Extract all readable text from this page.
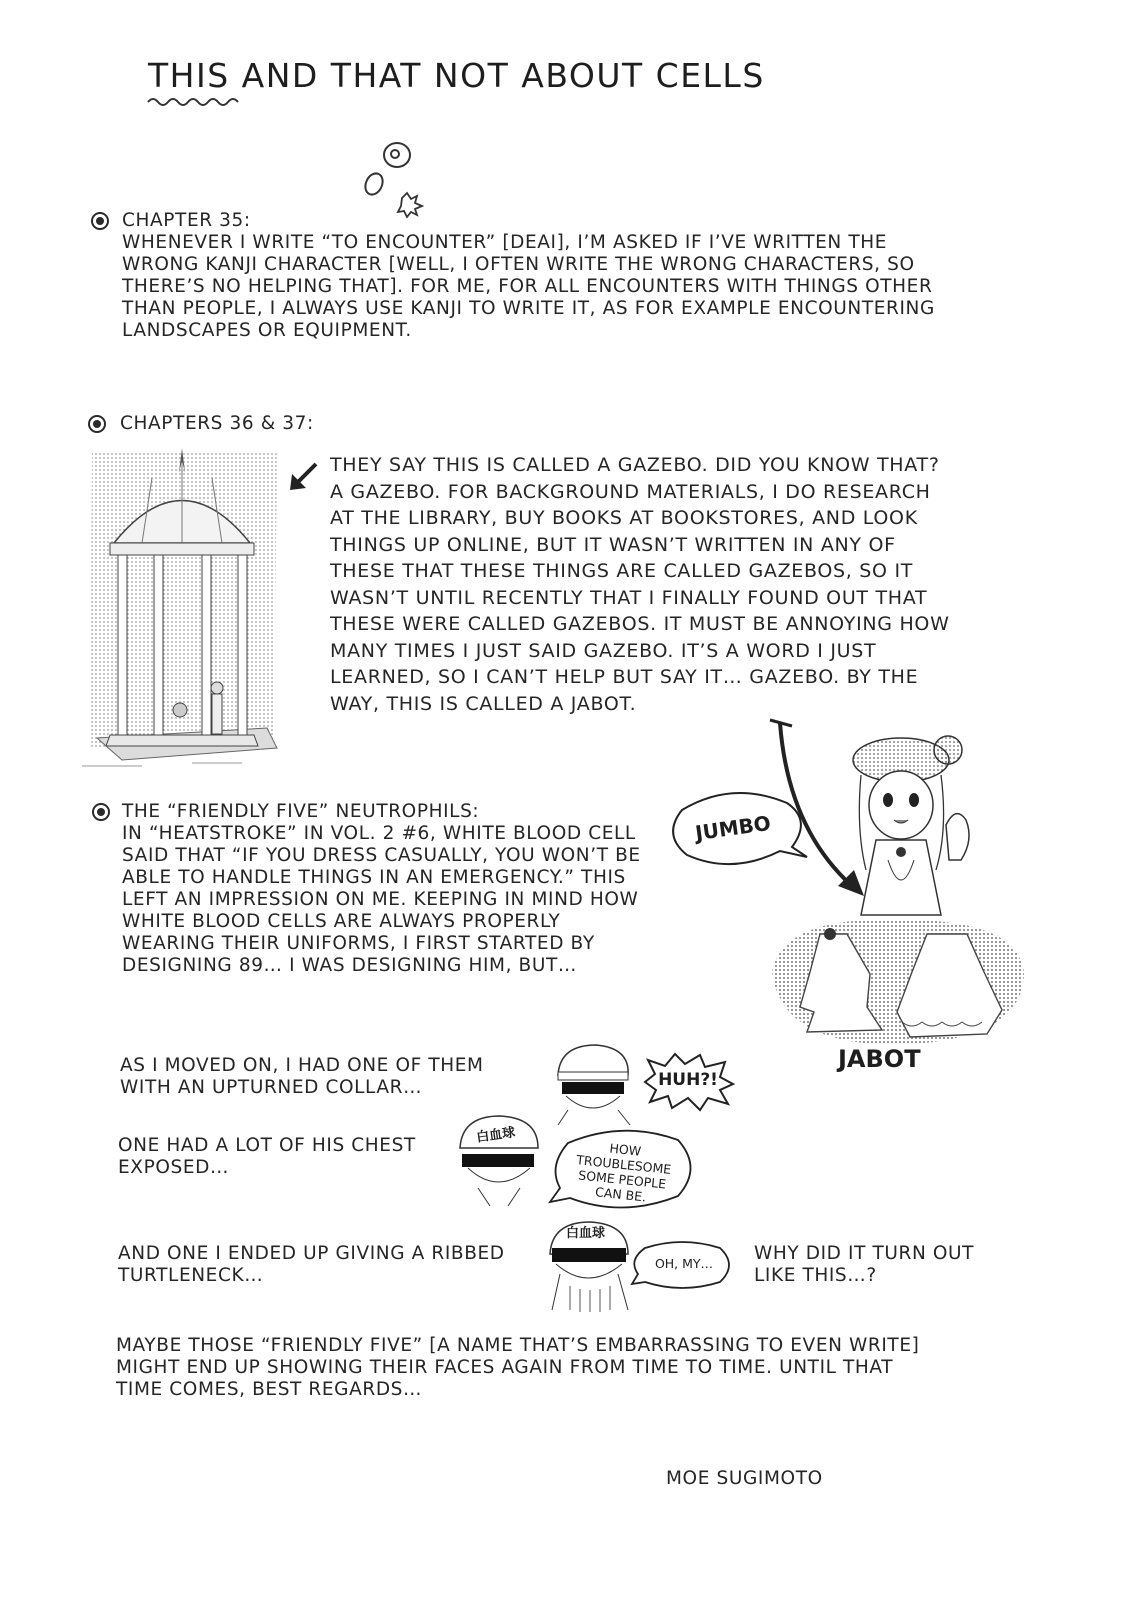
THIS AND THAT NOT ABOUT CELLS
CHAPTER 35:
WHENEVER I WRITE “TO ENCOUNTER” [DEAI], I’M ASKED IF I’VE WRITTEN THE WRONG KANJI CHARACTER [WELL, I OFTEN WRITE THE WRONG CHARACTERS, SO THERE’S NO HELPING THAT]. FOR ME, FOR ALL ENCOUNTERS WITH THINGS OTHER THAN PEOPLE, I ALWAYS USE KANJI TO WRITE IT, AS FOR EXAMPLE ENCOUNTERING LANDSCAPES OR EQUIPMENT.
CHAPTERS 36 & 37:
THEY SAY THIS IS CALLED A GAZEBO. DID YOU KNOW THAT? A GAZEBO. FOR BACKGROUND MATERIALS, I DO RESEARCH AT THE LIBRARY, BUY BOOKS AT BOOKSTORES, AND LOOK THINGS UP ONLINE, BUT IT WASN’T WRITTEN IN ANY OF THESE THAT THESE THINGS ARE CALLED GAZEBOS, SO IT WASN’T UNTIL RECENTLY THAT I FINALLY FOUND OUT THAT THESE WERE CALLED GAZEBOS. IT MUST BE ANNOYING HOW MANY TIMES I JUST SAID GAZEBO. IT’S A WORD I JUST LEARNED, SO I CAN’T HELP BUT SAY IT… GAZEBO. BY THE WAY, THIS IS CALLED A JABOT.
JUMBO
JABOT
THE “FRIENDLY FIVE” NEUTROPHILS:
IN “HEATSTROKE” IN VOL. 2 #6, WHITE BLOOD CELL SAID THAT “IF YOU DRESS CASUALLY, YOU WON’T BE ABLE TO HANDLE THINGS IN AN EMERGENCY.” THIS LEFT AN IMPRESSION ON ME. KEEPING IN MIND HOW WHITE BLOOD CELLS ARE ALWAYS PROPERLY WEARING THEIR UNIFORMS, I FIRST STARTED BY DESIGNING 89… I WAS DESIGNING HIM, BUT…
AS I MOVED ON, I HAD ONE OF THEM WITH AN UPTURNED COLLAR…
ONE HAD A LOT OF HIS CHEST EXPOSED…
AND ONE I ENDED UP GIVING A RIBBED TURTLENECK…
WHY DID IT TURN OUT LIKE THIS…?
HUH?!
白血球
HOW TROUBLESOME SOME PEOPLE CAN BE.
白血球
OH, MY…
MAYBE THOSE “FRIENDLY FIVE” [A NAME THAT’S EMBARRASSING TO EVEN WRITE] MIGHT END UP SHOWING THEIR FACES AGAIN FROM TIME TO TIME. UNTIL THAT TIME COMES, BEST REGARDS…
MOE SUGIMOTO
